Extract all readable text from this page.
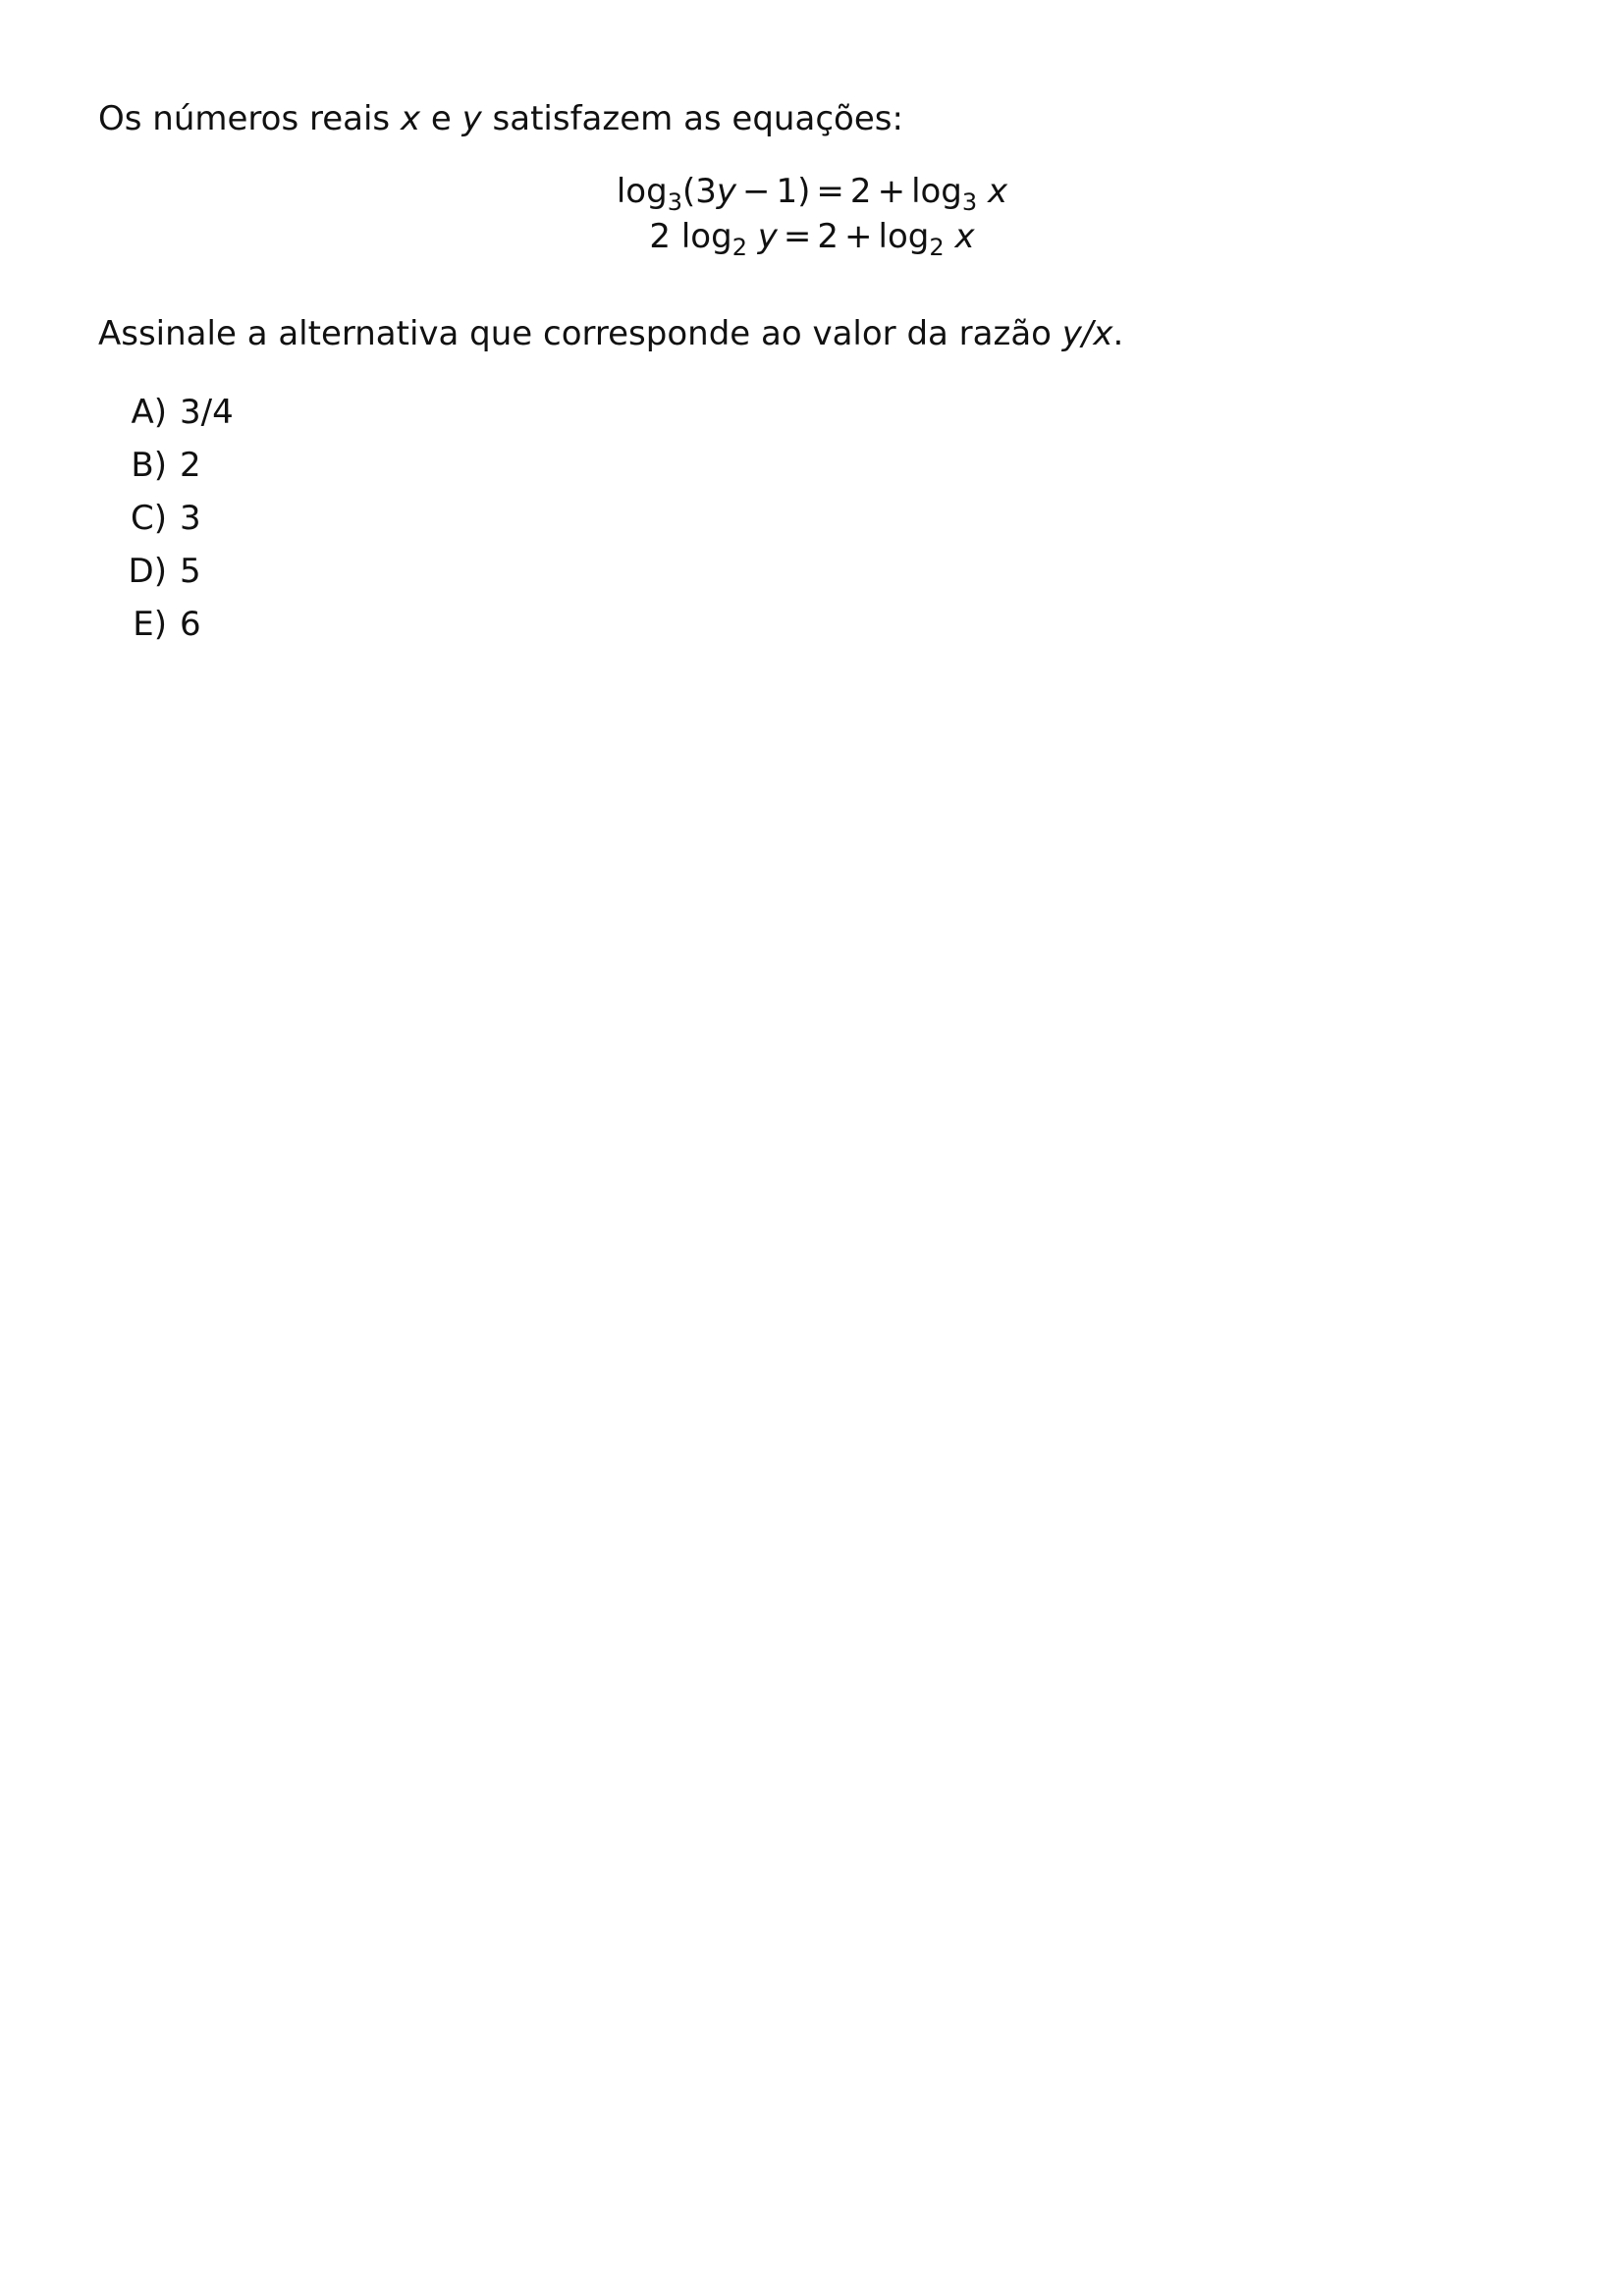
Os números reais x e y satisfazem as equações:
$\log_3(3y - 1) = 2 + \log_3 x$
2 $\log_2 y = 2 + \log_2 x$
Assinale a alternativa que corresponde ao valor da razão y/x.
A) 3/4
B) 2
C) 3
D) 5
E) 6
